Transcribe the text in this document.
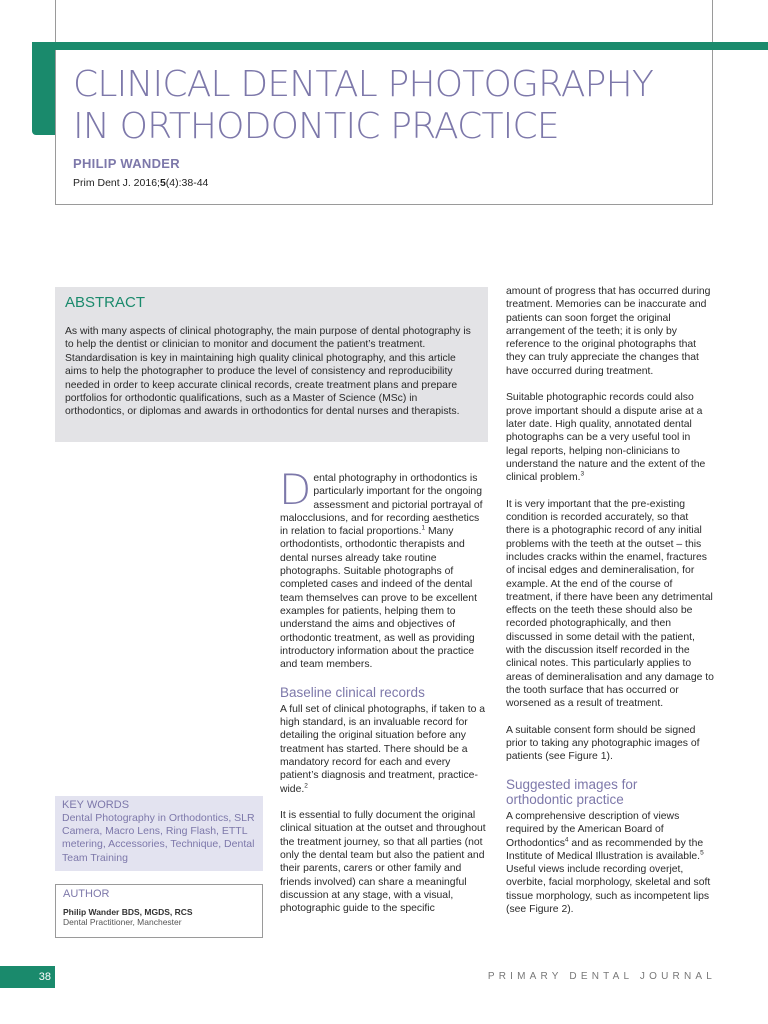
CLINICAL DENTAL PHOTOGRAPHY
IN ORTHODONTIC PRACTICE
PHILIP WANDER
Prim Dent J. 2016;5(4):38-44
ABSTRACT

As with many aspects of clinical photography, the main purpose of dental photography is to help the dentist or clinician to monitor and document the patient’s treatment. Standardisation is key in maintaining high quality clinical photography, and this article aims to help the photographer to produce the level of consistency and reproducibility needed in order to keep accurate clinical records, create treatment plans and prepare portfolios for orthodontic qualifications, such as a Master of Science (MSc) in orthodontics, or diplomas and awards in orthodontics for dental nurses and therapists.

Dental photography in orthodontics is particularly important for the ongoing assessment and pictorial portrayal of malocclusions, and for recording aesthetics in relation to facial proportions.$^1$ Many orthodontists, orthodontic therapists and dental nurses already take routine photographs. Suitable photographs of completed cases and indeed of the dental team themselves can prove to be excellent examples for patients, helping them to understand the aims and objectives of orthodontic treatment, as well as providing introductory information about the practice and team members.

Baseline clinical records

A full set of clinical photographs, if taken to a high standard, is an invaluable record for detailing the original situation before any treatment has started. There should be a mandatory record for each and every patient’s diagnosis and treatment, practice-wide.$^2$

It is essential to fully document the original clinical situation at the outset and throughout the treatment journey, so that all parties (not only the dental team but also the patient and their parents, carers or other family and friends involved) can share a meaningful discussion at any stage, with a visual, photographic guide to the specific

amount of progress that has occurred during treatment. Memories can be inaccurate and patients can soon forget the original arrangement of the teeth; it is only by reference to the original photographs that they can truly appreciate the changes that have occurred during treatment.

Suitable photographic records could also prove important should a dispute arise at a later date. High quality, annotated dental photographs can be a very useful tool in legal reports, helping non-clinicians to understand the nature and the extent of the clinical problem.$^3$

It is very important that the pre-existing condition is recorded accurately, so that there is a photographic record of any initial problems with the teeth at the outset – this includes cracks within the enamel, fractures of incisal edges and demineralisation, for example. At the end of the course of treatment, if there have been any detrimental effects on the teeth these should also be recorded photographically, and then discussed in some detail with the patient, with the discussion itself recorded in the clinical notes. This particularly applies to areas of demineralisation and any damage to the tooth surface that has occurred or worsened as a result of treatment.

A suitable consent form should be signed prior to taking any photographic images of patients (see Figure 1).

Suggested images for
orthodontic practice

A comprehensive description of views required by the American Board of Orthodontics$^4$ and as recommended by the Institute of Medical Illustration is available.$^5$ Useful views include recording overjet, overbite, facial morphology, skeletal and soft tissue morphology, such as incompetent lips (see Figure 2).

KEY WORDS
Dental Photography in Orthodontics, SLR Camera, Macro Lens, Ring Flash, ETTL metering, Accessories, Technique, Dental Team Training
AUTHOR
Philip Wander BDS, MGDS, RCS
Dental Practitioner, Manchester
38	PRIMARY DENTAL JOURNAL
